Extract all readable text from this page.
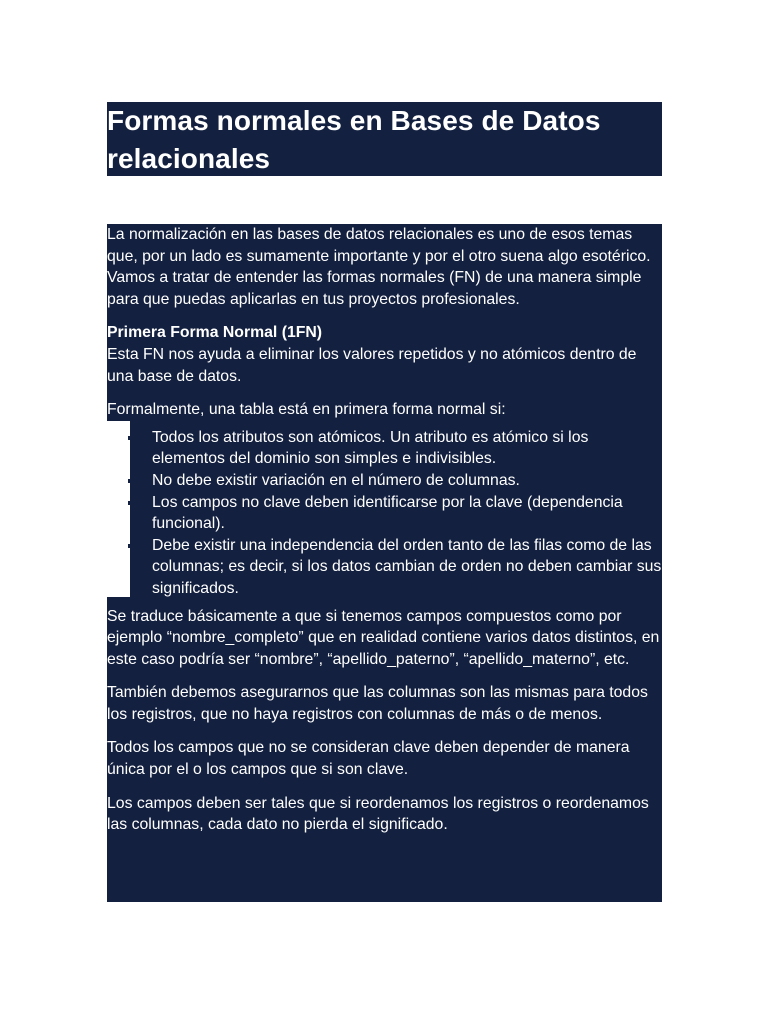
Formas normales en Bases de Datos relacionales

La normalización en las bases de datos relacionales es uno de esos temas que, por un lado es sumamente importante y por el otro suena algo esotérico. Vamos a tratar de entender las formas normales (FN) de una manera simple para que puedas aplicarlas en tus proyectos profesionales.

Primera Forma Normal (1FN)

Esta FN nos ayuda a eliminar los valores repetidos y no atómicos dentro de una base de datos.

Formalmente, una tabla está en primera forma normal si:

Todos los atributos son atómicos. Un atributo es atómico si los elementos del dominio son simples e indivisibles.
No debe existir variación en el número de columnas.
Los campos no clave deben identificarse por la clave (dependencia funcional).
Debe existir una independencia del orden tanto de las filas como de las columnas; es decir, si los datos cambian de orden no deben cambiar sus significados.

Se traduce básicamente a que si tenemos campos compuestos como por ejemplo “nombre_completo” que en realidad contiene varios datos distintos, en este caso podría ser “nombre”, “apellido_paterno”, “apellido_materno”, etc.

También debemos asegurarnos que las columnas son las mismas para todos los registros, que no haya registros con columnas de más o de menos.

Todos los campos que no se consideran clave deben depender de manera única por el o los campos que si son clave.

Los campos deben ser tales que si reordenamos los registros o reordenamos las columnas, cada dato no pierda el significado.
